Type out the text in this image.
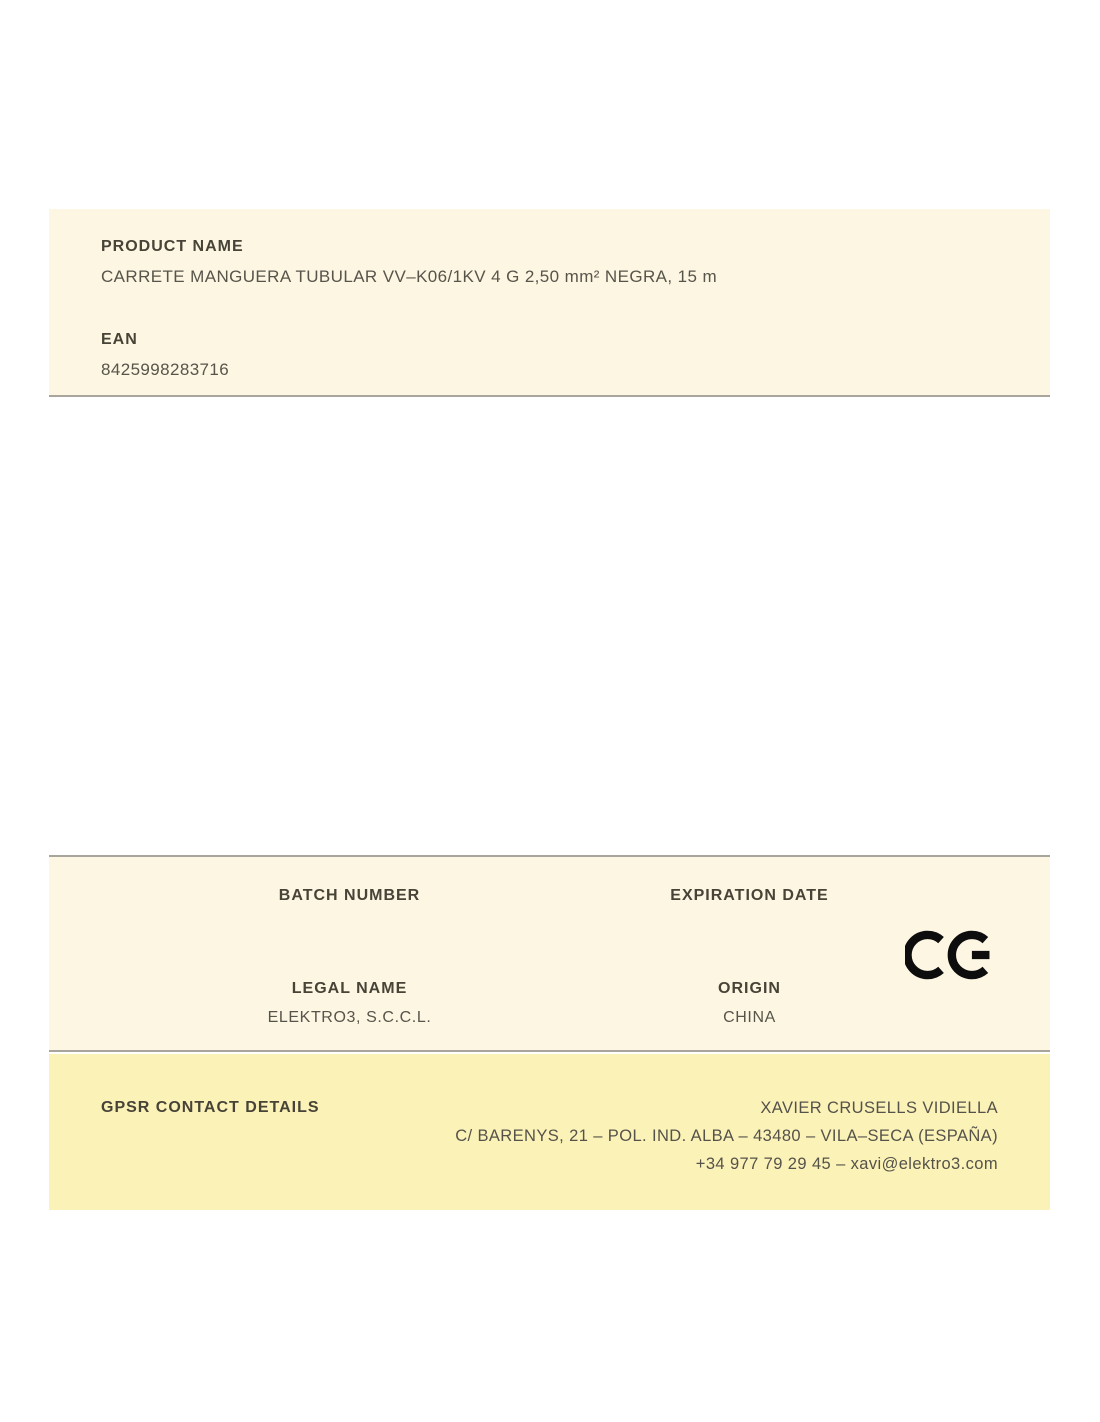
PRODUCT NAME
CARRETE MANGUERA TUBULAR VV–K06/1KV 4 G 2,50 mm² NEGRA, 15 m
EAN
8425998283716
BATCH NUMBER	EXPIRATION DATE
LEGAL NAME
ELEKTRO3, S.C.C.L.
ORIGIN
CHINA
GPSR CONTACT DETAILS	XAVIER CRUSELLS VIDIELLA
C/ BARENYS, 21 – POL. IND. ALBA – 43480 – VILA–SECA (ESPAÑA)
+34 977 79 29 45 – xavi@elektro3.com
